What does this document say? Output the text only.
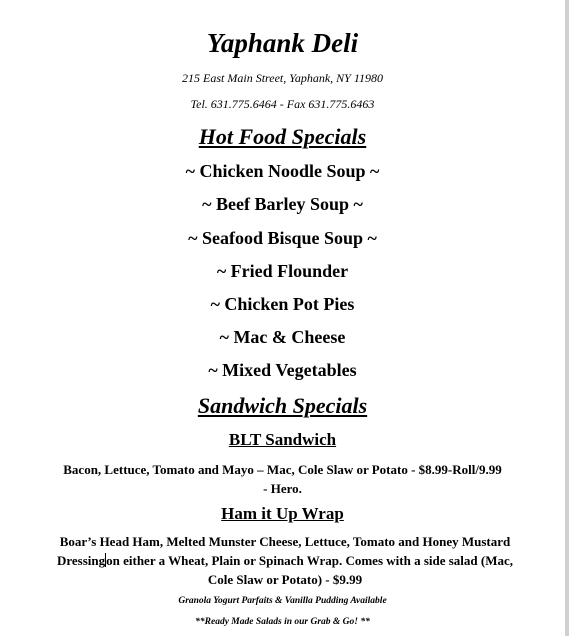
Yaphank Deli
215 East Main Street, Yaphank, NY 11980
Tel. 631.775.6464 - Fax 631.775.6463
Hot Food Specials
~ Chicken Noodle Soup ~
~ Beef Barley Soup ~
~ Seafood Bisque Soup ~
~ Fried Flounder
~ Chicken Pot Pies
~ Mac & Cheese
~ Mixed Vegetables
Sandwich Specials
BLT Sandwich
Bacon, Lettuce, Tomato and Mayo – Mac, Cole Slaw or Potato - $8.99-Roll/9.99 - Hero.
Ham it Up Wrap
Boar’s Head Ham, Melted Munster Cheese, Lettuce, Tomato and Honey Mustard Dressingon either a Wheat, Plain or Spinach Wrap. Comes with a side salad (Mac, Cole Slaw or Potato) - $9.99
Granola Yogurt Parfaits & Vanilla Pudding Available
**Ready Made Salads in our Grab & Go! **
